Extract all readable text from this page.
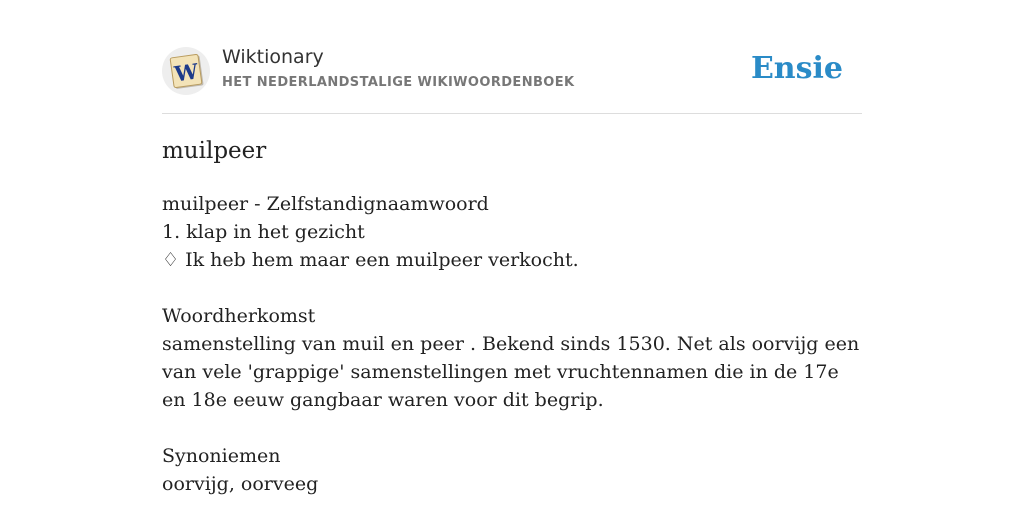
W
Wiktionary
HET NEDERLANDSTALIGE WIKIWOORDENBOEK	Ensie
muilpeer
muilpeer - Zelfstandignaamwoord
1. klap in het gezicht
♢ Ik heb hem maar een muilpeer verkocht.
Woordherkomst
samenstelling van muil en peer . Bekend sinds 1530. Net als oorvijg een van vele 'grappige' samenstellingen met vruchtennamen die in de 17e en 18e eeuw gangbaar waren voor dit begrip.
Synoniemen
oorvijg, oorveeg
